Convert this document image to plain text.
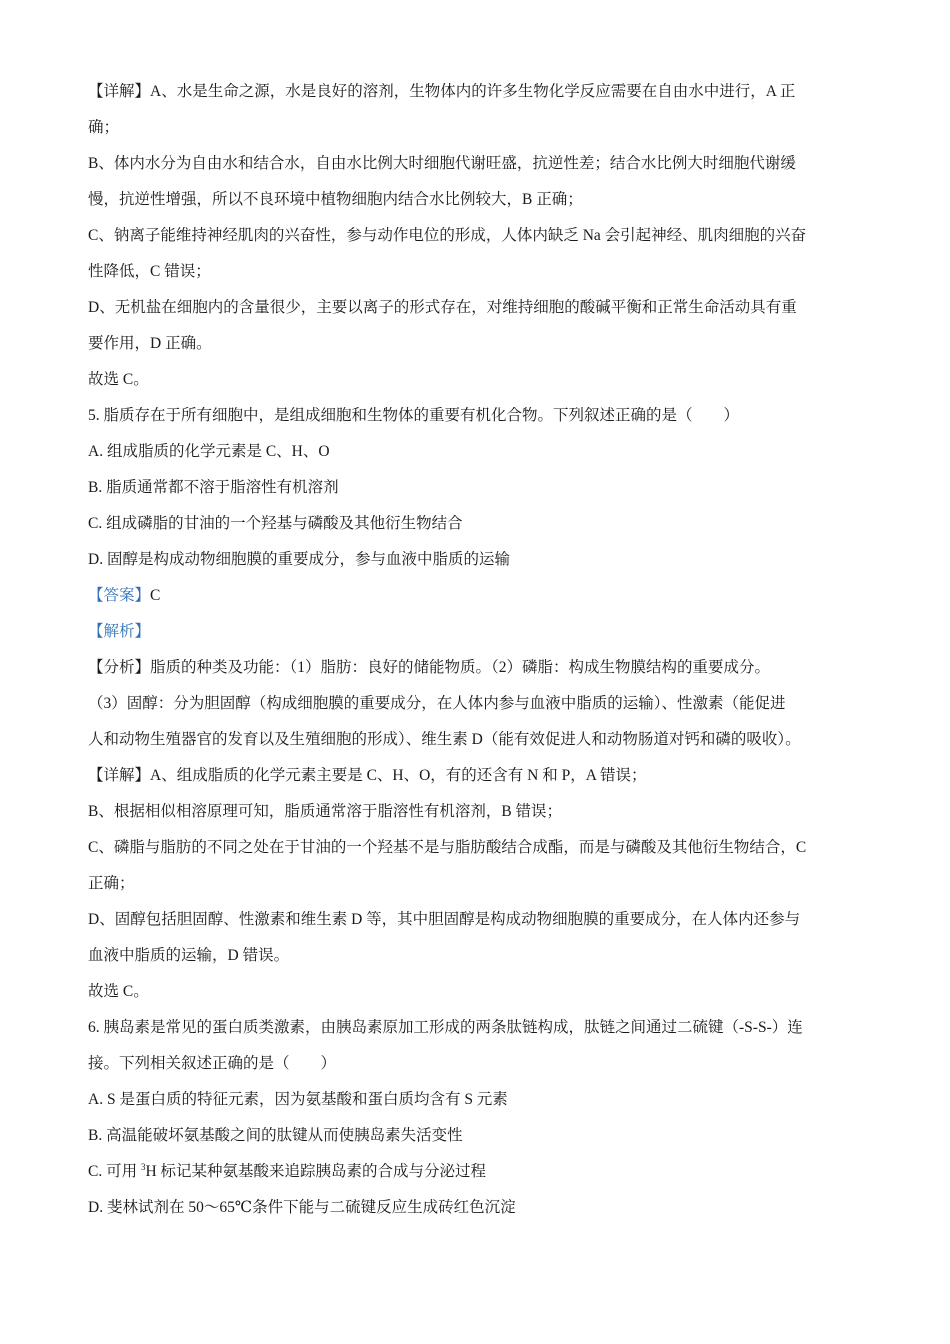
【详解】A、水是生命之源，水是良好的溶剂，生物体内的许多生物化学反应需要在自由水中进行，A 正
确；
B、体内水分为自由水和结合水，自由水比例大时细胞代谢旺盛，抗逆性差；结合水比例大时细胞代谢缓
慢，抗逆性增强，所以不良环境中植物细胞内结合水比例较大，B 正确；
C、钠离子能维持神经肌肉的兴奋性，参与动作电位的形成，人体内缺乏 Na 会引起神经、肌肉细胞的兴奋
性降低，C 错误；
D、无机盐在细胞内的含量很少，主要以离子的形式存在，对维持细胞的酸碱平衡和正常生命活动具有重
要作用，D 正确。
故选 C。
5. 脂质存在于所有细胞中，是组成细胞和生物体的重要有机化合物。下列叙述正确的是（　　）
A. 组成脂质的化学元素是 C、H、O
B. 脂质通常都不溶于脂溶性有机溶剂
C. 组成磷脂的甘油的一个羟基与磷酸及其他衍生物结合
D. 固醇是构成动物细胞膜的重要成分，参与血液中脂质的运输
【答案】C
【解析】
【分析】脂质的种类及功能：（1）脂肪：良好的储能物质。（2）磷脂：构成生物膜结构的重要成分。
（3）固醇：分为胆固醇（构成细胞膜的重要成分，在人体内参与血液中脂质的运输）、性激素（能促进
人和动物生殖器官的发育以及生殖细胞的形成）、维生素 D（能有效促进人和动物肠道对钙和磷的吸收）。
【详解】A、组成脂质的化学元素主要是 C、H、O，有的还含有 N 和 P，A 错误；
B、根据相似相溶原理可知，脂质通常溶于脂溶性有机溶剂，B 错误；
C、磷脂与脂肪的不同之处在于甘油的一个羟基不是与脂肪酸结合成酯，而是与磷酸及其他衍生物结合，C
正确；
D、固醇包括胆固醇、性激素和维生素 D 等，其中胆固醇是构成动物细胞膜的重要成分，在人体内还参与
血液中脂质的运输，D 错误。
故选 C。
6. 胰岛素是常见的蛋白质类激素，由胰岛素原加工形成的两条肽链构成，肽链之间通过二硫键（-S-S-）连
接。下列相关叙述正确的是（　　）
A. S 是蛋白质的特征元素，因为氨基酸和蛋白质均含有 S 元素
B. 高温能破坏氨基酸之间的肽键从而使胰岛素失活变性
C. 可用 $^3$H 标记某种氨基酸来追踪胰岛素的合成与分泌过程
D. 斐林试剂在 50～65℃条件下能与二硫键反应生成砖红色沉淀
